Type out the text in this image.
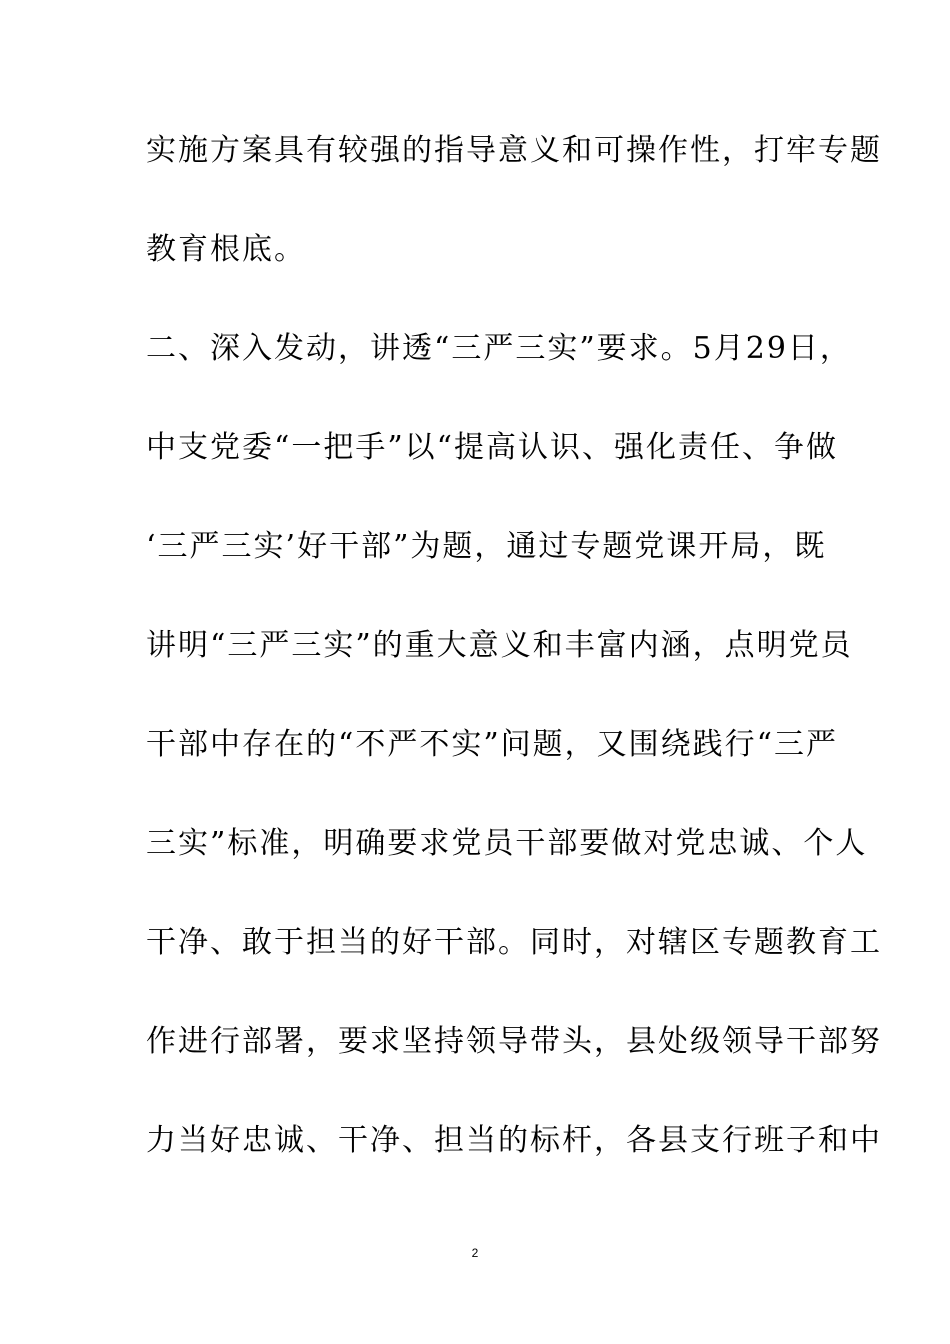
实施方案具有较强的指导意义和可操作性，打牢专题
教育根底。
二、深入发动，讲透“三严三实”要求。5月29日，
中支党委“一把手”以“提高认识、强化责任、争做
‘三严三实’好干部”为题，通过专题党课开局，既
讲明“三严三实”的重大意义和丰富内涵，点明党员
干部中存在的“不严不实”问题，又围绕践行“三严
三实”标准，明确要求党员干部要做对党忠诚、个人
干净、敢于担当的好干部。同时，对辖区专题教育工
作进行部署，要求坚持领导带头，县处级领导干部努
力当好忠诚、干净、担当的标杆，各县支行班子和中
2
